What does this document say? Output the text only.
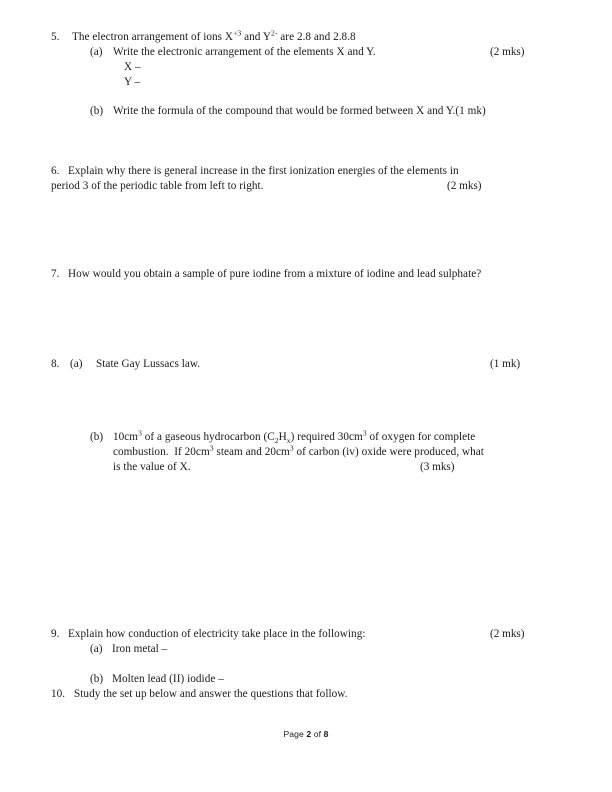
5. The electron arrangement of ions $X^{+3}$ and $Y^{2-}$ are 2.8 and 2.8.8
(a) Write the electronic arrangement of the elements X and Y.	(2 mks)
X –
Y –
(b) Write the formula of the compound that would be formed between X and Y.(1 mk)
6. Explain why there is general increase in the first ionization energies of the elements in
period 3 of the periodic table from left to right.	(2 mks)
7. How would you obtain a sample of pure iodine from a mixture of iodine and lead sulphate?
8. (a) State Gay Lussacs law.	(1 mk)
(b) $10cm^3$ of a gaseous hydrocarbon $(C_2H_x)$ required $30cm^3$ of oxygen for complete
combustion.  If $20cm^3$ steam and $20cm^3$ of carbon (iv) oxide were produced, what
is the value of X.	(3 mks)
9. Explain how conduction of electricity take place in the following:	(2 mks)
(a) Iron metal –
(b) Molten lead (II) iodide –
10. Study the set up below and answer the questions that follow.
Page 2 of 8
